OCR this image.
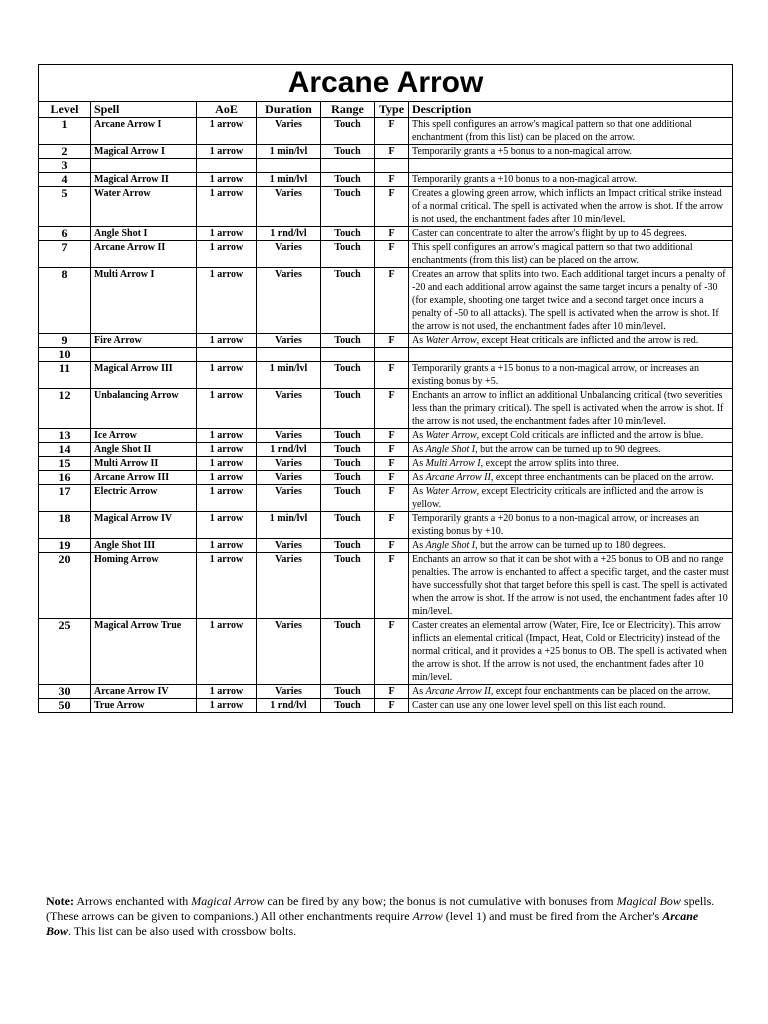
Arcane Arrow						
Level	Spell	AoE	Duration	Range	Type	Description
1	Arcane Arrow I	1 arrow	Varies	Touch	F	This spell configures an arrow's magical pattern so that one additional enchantment (from this list) can be placed on the arrow.
2	Magical Arrow I	1 arrow	1 min/lvl	Touch	F	Temporarily grants a +5 bonus to a non-magical arrow.
3						
4	Magical Arrow II	1 arrow	1 min/lvl	Touch	F	Temporarily grants a +10 bonus to a non-magical arrow.
5	Water Arrow	1 arrow	Varies	Touch	F	Creates a glowing green arrow, which inflicts an Impact critical strike instead of a normal critical. The spell is activated when the arrow is shot. If the arrow is not used, the enchantment fades after 10 min/level.
6	Angle Shot I	1 arrow	1 rnd/lvl	Touch	F	Caster can concentrate to alter the arrow's flight by up to 45 degrees.
7	Arcane Arrow II	1 arrow	Varies	Touch	F	This spell configures an arrow's magical pattern so that two additional enchantments (from this list) can be placed on the arrow.
8	Multi Arrow I	1 arrow	Varies	Touch	F	Creates an arrow that splits into two. Each additional target incurs a penalty of -20 and each additional arrow against the same target incurs a penalty of -30 (for example, shooting one target twice and a second target once incurs a penalty of -50 to all attacks). The spell is activated when the arrow is shot. If the arrow is not used, the enchantment fades after 10 min/level.
9	Fire Arrow	1 arrow	Varies	Touch	F	As Water Arrow, except Heat criticals are inflicted and the arrow is red.
10						
11	Magical Arrow III	1 arrow	1 min/lvl	Touch	F	Temporarily grants a +15 bonus to a non-magical arrow, or increases an existing bonus by +5.
12	Unbalancing Arrow	1 arrow	Varies	Touch	F	Enchants an arrow to inflict an additional Unbalancing critical (two severities less than the primary critical). The spell is activated when the arrow is shot. If the arrow is not used, the enchantment fades after 10 min/level.
13	Ice Arrow	1 arrow	Varies	Touch	F	As Water Arrow, except Cold criticals are inflicted and the arrow is blue.
14	Angle Shot II	1 arrow	1 rnd/lvl	Touch	F	As Angle Shot I, but the arrow can be turned up to 90 degrees.
15	Multi Arrow II	1 arrow	Varies	Touch	F	As Multi Arrow I, except the arrow splits into three.
16	Arcane Arrow III	1 arrow	Varies	Touch	F	As Arcane Arrow II, except three enchantments can be placed on the arrow.
17	Electric Arrow	1 arrow	Varies	Touch	F	As Water Arrow, except Electricity criticals are inflicted and the arrow is yellow.
18	Magical Arrow IV	1 arrow	1 min/lvl	Touch	F	Temporarily grants a +20 bonus to a non-magical arrow, or increases an existing bonus by +10.
19	Angle Shot III	1 arrow	Varies	Touch	F	As Angle Shot I, but the arrow can be turned up to 180 degrees.
20	Homing Arrow	1 arrow	Varies	Touch	F	Enchants an arrow so that it can be shot with a +25 bonus to OB and no range penalties. The arrow is enchanted to affect a specific target, and the caster must have successfully shot that target before this spell is cast. The spell is activated when the arrow is shot. If the arrow is not used, the enchantment fades after 10 min/level.
25	Magical Arrow True	1 arrow	Varies	Touch	F	Caster creates an elemental arrow (Water, Fire, Ice or Electricity). This arrow inflicts an elemental critical (Impact, Heat, Cold or Electricity) instead of the normal critical, and it provides a +25 bonus to OB. The spell is activated when the arrow is shot. If the arrow is not used, the enchantment fades after 10 min/level.
30	Arcane Arrow IV	1 arrow	Varies	Touch	F	As Arcane Arrow II, except four enchantments can be placed on the arrow.
50	True Arrow	1 arrow	1 rnd/lvl	Touch	F	Caster can use any one lower level spell on this list each round.
Note: Arrows enchanted with Magical Arrow can be fired by any bow; the bonus is not cumulative with bonuses from Magical Bow spells. (These arrows can be given to companions.) All other enchantments require Arrow (level 1) and must be fired from the Archer's Arcane Bow. This list can be also used with crossbow bolts.
